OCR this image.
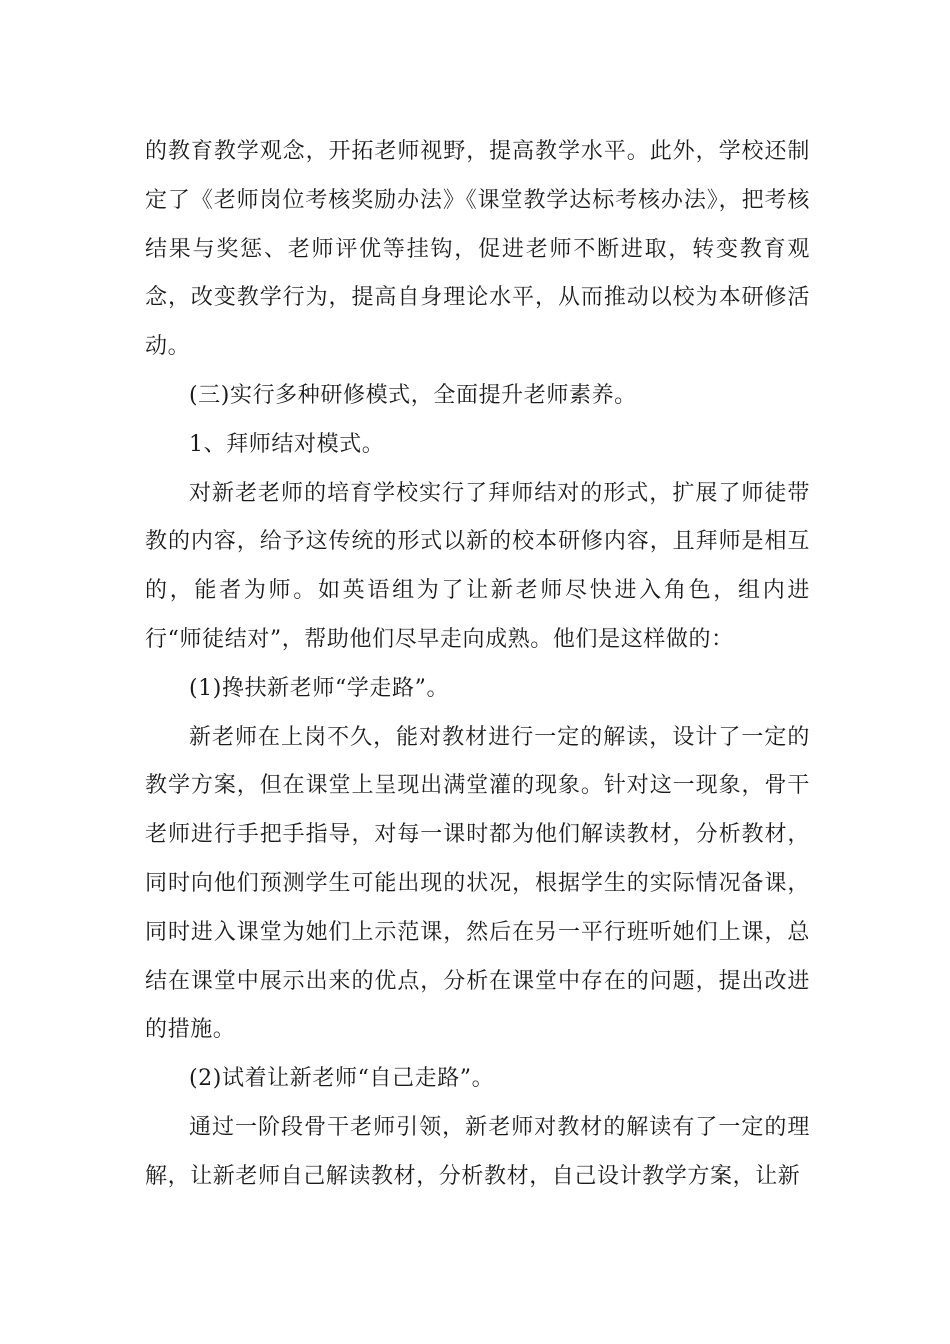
的教育教学观念，开拓老师视野，提高教学水平。此外，学校还制定了《老师岗位考核奖励办法》《课堂教学达标考核办法》，把考核结果与奖惩、老师评优等挂钩，促进老师不断进取，转变教育观念，改变教学行为，提高自身理论水平，从而推动以校为本研修活动。

(三)实行多种研修模式，全面提升老师素养。

1、拜师结对模式。

对新老老师的培育学校实行了拜师结对的形式，扩展了师徒带教的内容，给予这传统的形式以新的校本研修内容，且拜师是相互的，能者为师。如英语组为了让新老师尽快进入角色，组内进行“师徒结对”，帮助他们尽早走向成熟。他们是这样做的：

(1)搀扶新老师“学走路”。

新老师在上岗不久，能对教材进行一定的解读，设计了一定的教学方案，但在课堂上呈现出满堂灌的现象。针对这一现象，骨干老师进行手把手指导，对每一课时都为他们解读教材，分析教材，同时向他们预测学生可能出现的状况，根据学生的实际情况备课，同时进入课堂为她们上示范课，然后在另一平行班听她们上课，总结在课堂中展示出来的优点，分析在课堂中存在的问题，提出改进的措施。

(2)试着让新老师“自己走路”。

通过一阶段骨干老师引领，新老师对教材的解读有了一定的理解，让新老师自己解读教材，分析教材，自己设计教学方案，让新
